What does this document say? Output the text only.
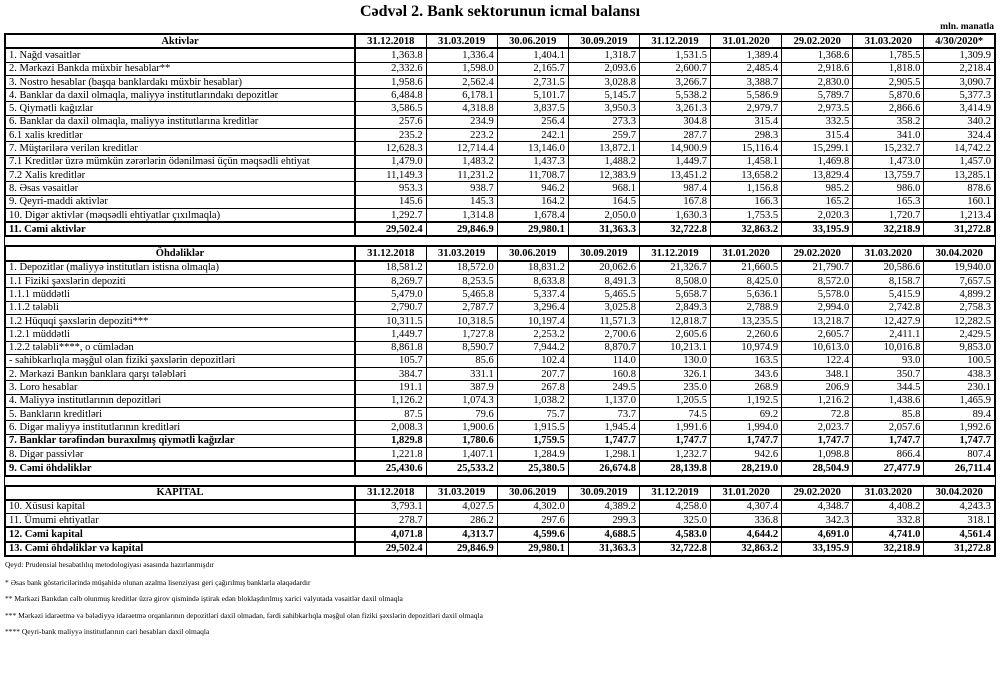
Cədvəl 2. Bank sektorunun icmal balansı
mln. manatla
Aktivlər	31.12.2018	31.03.2019	30.06.2019	30.09.2019	31.12.2019	31.01.2020	29.02.2020	31.03.2020	4/30/2020*
1. Nağd vəsaitlər	1,363.8	1,336.4	1,404.1	1,318.7	1,531.5	1,389.4	1,368.6	1,785.5	1,309.9
2. Mərkəzi Bankda müxbir hesablar**	2,332.6	1,598.0	2,165.7	2,093.6	2,600.7	2,485.4	2,918.6	1,818.0	2,218.4
3. Nostro hesablar (başqa banklardakı müxbir hesablar)	1,958.6	2,562.4	2,731.5	3,028.8	3,266.7	3,388.7	2,830.0	2,905.5	3,090.7
4. Banklar da daxil olmaqla, maliyyə institutlarındakı depozitlər	6,484.8	6,178.1	5,101.7	5,145.7	5,538.2	5,586.9	5,789.7	5,870.6	5,377.3
5. Qiymətli kağızlar	3,586.5	4,318.8	3,837.5	3,950.3	3,261.3	2,979.7	2,973.5	2,866.6	3,414.9
6. Banklar da daxil olmaqla, maliyyə institutlarına kreditlər	257.6	234.9	256.4	273.3	304.8	315.4	332.5	358.2	340.2
6.1 xalis kreditlər	235.2	223.2	242.1	259.7	287.7	298.3	315.4	341.0	324.4
7. Müştərilərə verilən kreditlər	12,628.3	12,714.4	13,146.0	13,872.1	14,900.9	15,116.4	15,299.1	15,232.7	14,742.2
7.1 Kreditlər üzrə mümkün zərərlərin ödənilməsi üçün məqsədli ehtiyat	1,479.0	1,483.2	1,437.3	1,488.2	1,449.7	1,458.1	1,469.8	1,473.0	1,457.0
7.2 Xalis kreditlər	11,149.3	11,231.2	11,708.7	12,383.9	13,451.2	13,658.2	13,829.4	13,759.7	13,285.1
8. Əsas vəsaitlər	953.3	938.7	946.2	968.1	987.4	1,156.8	985.2	986.0	878.6
9. Qeyri-maddi aktivlər	145.6	145.3	164.2	164.5	167.8	166.3	165.2	165.3	160.1
10. Digər aktivlər (məqsədli ehtiyatlar çıxılmaqla)	1,292.7	1,314.8	1,678.4	2,050.0	1,630.3	1,753.5	2,020.3	1,720.7	1,213.4
11. Cəmi aktivlər	29,502.4	29,846.9	29,980.1	31,363.3	32,722.8	32,863.2	33,195.9	32,218.9	31,272.8
Öhdəliklər	31.12.2018	31.03.2019	30.06.2019	30.09.2019	31.12.2019	31.01.2020	29.02.2020	31.03.2020	30.04.2020
1. Depozitlər (maliyyə institutları istisna olmaqla)	18,581.2	18,572.0	18,831.2	20,062.6	21,326.7	21,660.5	21,790.7	20,586.6	19,940.0
1.1 Fiziki şəxslərin depoziti	8,269.7	8,253.5	8,633.8	8,491.3	8,508.0	8,425.0	8,572.0	8,158.7	7,657.5
1.1.1 müddətli	5,479.0	5,465.8	5,337.4	5,465.5	5,658.7	5,636.1	5,578.0	5,415.9	4,899.2
1.1.2 tələbli	2,790.7	2,787.7	3,296.4	3,025.8	2,849.3	2,788.9	2,994.0	2,742.8	2,758.3
1.2 Hüquqi şəxslərin depoziti***	10,311.5	10,318.5	10,197.4	11,571.3	12,818.7	13,235.5	13,218.7	12,427.9	12,282.5
1.2.1 müddətli	1,449.7	1,727.8	2,253.2	2,700.6	2,605.6	2,260.6	2,605.7	2,411.1	2,429.5
1.2.2 tələbli****, o cümlədən	8,861.8	8,590.7	7,944.2	8,870.7	10,213.1	10,974.9	10,613.0	10,016.8	9,853.0
- sahibkarlıqla məşğul olan fiziki şəxslərin depozitləri	105.7	85.6	102.4	114.0	130.0	163.5	122.4	93.0	100.5
2. Mərkəzi Bankın banklara qarşı tələbləri	384.7	331.1	207.7	160.8	326.1	343.6	348.1	350.7	438.3
3. Loro hesablar	191.1	387.9	267.8	249.5	235.0	268.9	206.9	344.5	230.1
4. Maliyyə institutlarının depozitləri	1,126.2	1,074.3	1,038.2	1,137.0	1,205.5	1,192.5	1,216.2	1,438.6	1,465.9
5. Bankların kreditləri	87.5	79.6	75.7	73.7	74.5	69.2	72.8	85.8	89.4
6. Digər maliyyə institutlarının kreditləri	2,008.3	1,900.6	1,915.5	1,945.4	1,991.6	1,994.0	2,023.7	2,057.6	1,992.6
7. Banklar tərəfindən buraxılmış qiymətli kağızlar	1,829.8	1,780.6	1,759.5	1,747.7	1,747.7	1,747.7	1,747.7	1,747.7	1,747.7
8. Digər passivlər	1,221.8	1,407.1	1,284.9	1,298.1	1,232.7	942.6	1,098.8	866.4	807.4
9. Cəmi öhdəliklər	25,430.6	25,533.2	25,380.5	26,674.8	28,139.8	28,219.0	28,504.9	27,477.9	26,711.4
KAPİTAL	31.12.2018	31.03.2019	30.06.2019	30.09.2019	31.12.2019	31.01.2020	29.02.2020	31.03.2020	30.04.2020
10. Xüsusi kapital	3,793.1	4,027.5	4,302.0	4,389.2	4,258.0	4,307.4	4,348.7	4,408.2	4,243.3
11. Ümumi ehtiyatlar	278.7	286.2	297.6	299.3	325.0	336.8	342.3	332.8	318.1
12. Cəmi kapital	4,071.8	4,313.7	4,599.6	4,688.5	4,583.0	4,644.2	4,691.0	4,741.0	4,561.4
13. Cəmi öhdəliklər və kapital	29,502.4	29,846.9	29,980.1	31,363.3	32,722.8	32,863.2	33,195.9	32,218.9	31,272.8

Qeyd: Prudensial hesabatlılıq metodologiyası əsasında hazırlanmışdır

* Əsas bank göstəricilərində müşahidə olunan azalma lisenziyası geri çağırılmış banklarla əlaqədardır

** Mərkəzi Bankdan cəlb olunmuş kreditlər üzrə girov qismində iştirak edən bloklaşdırılmış xarici valyutada vəsaitlər daxil olmaqla

*** Mərkəzi idarəetmə və bələdiyyə idarəetmə orqanlarının depozitləri daxil olmadan, fərdi sahibkarlıqla məşğul olan fiziki şəxslərin depozitləri daxil olmaqla

**** Qeyri-bank maliyyə institutlarının cari hesabları daxil olmaqla
